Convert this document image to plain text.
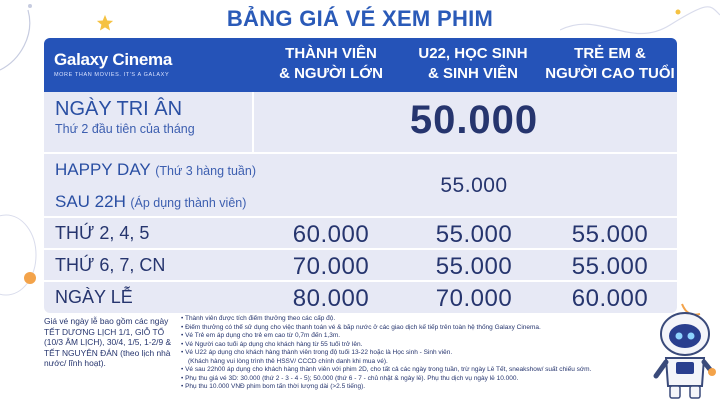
BẢNG GIÁ VÉ XEM PHIM
Galaxy Cinema
MORE THAN MOVIES. IT'S A GALAXY
THÀNH VIÊN
& NGƯỜI LỚN
U22, HỌC SINH
& SINH VIÊN
TRẺ EM &
NGƯỜI CAO TUỔI
NGÀY TRI ÂN
Thứ 2 đầu tiên của tháng	50.000
HAPPY DAY (Thứ 3 hàng tuần)
SAU 22H (Áp dụng thành viên)
55.000
THỨ 2, 4, 5	60.000	55.000	55.000
THỨ 6, 7, CN	70.000	55.000	55.000
NGÀY LỄ	80.000	70.000	60.000
Giá vé ngày lễ bao gồm các ngày TẾT DƯƠNG LỊCH 1/1, GIỖ TỔ (10/3 ÂM LỊCH), 30/4, 1/5, 1-2/9 & TẾT NGUYÊN ĐÁN (theo lịch nhà nước/ lĩnh hoạt).
• Thành viên được tích điểm thưởng theo các cấp độ.
• Điểm thưởng có thể sử dụng cho việc thanh toán vé & bắp nước ở các giao dịch kế tiếp trên toàn hệ thống Galaxy Cinema.
• Vé Trẻ em áp dụng cho trẻ em cao từ 0,7m đến 1,3m.
• Vé Người cao tuổi áp dụng cho khách hàng từ 55 tuổi trở lên.
• Vé U22 áp dụng cho khách hàng thành viên trong độ tuổi 13-22 hoặc là Học sinh - Sinh viên.
(Khách hàng vui lòng trình thẻ HSSV/ CCCD chính danh khi mua vé).
• Vé sau 22h00 áp dụng cho khách hàng thành viên với phim 2D, cho tất cả các ngày trong tuần, trừ ngày Lễ Tết, sneakshow/ suất chiếu sớm.
• Phụ thu giá vé 3D: 30.000 (thứ 2 - 3 - 4 - 5); 50.000 (thứ 6 - 7 - chủ nhật & ngày lễ). Phụ thu dịch vụ ngày lễ 10.000.
• Phụ thu 10.000 VNĐ phim bom tấn thời lượng dài (>2.5 tiếng).
